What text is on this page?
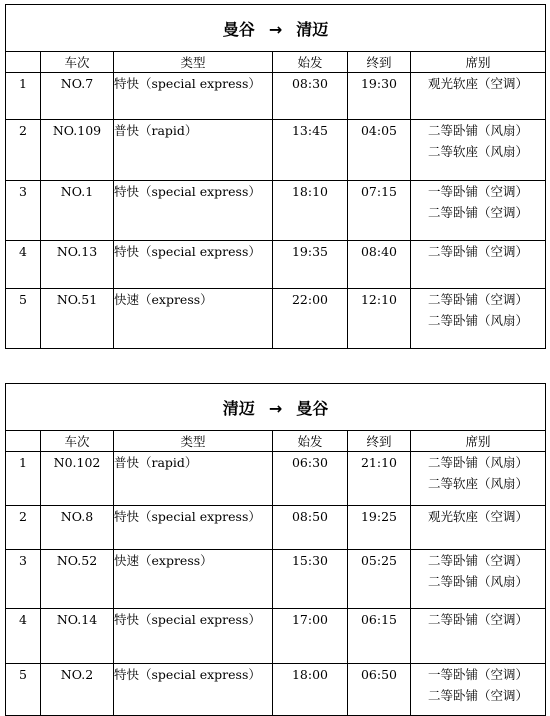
曼谷 → 清迈					
	车次	类型	始发	终到	席别
1	NO.7	特快（special express）	08:30	19:30	观光软座（空调）

2	NO.109	普快（rapid）	13:45	04:05	二等卧铺（风扇）
二等软座（风扇）

3	NO.1	特快（special express）	18:10	07:15	一等卧铺（空调）
二等卧铺（空调）

4	NO.13	特快（special express）	19:35	08:40	二等卧铺（空调）

5	NO.51	快速（express）	22:00	12:10	二等卧铺（空调）
二等卧铺（风扇）
清迈 → 曼谷					
	车次	类型	始发	终到	席别
1	N0.102	普快（rapid）	06:30	21:10	二等卧铺（风扇）
二等软座（风扇）

2	NO.8	特快（special express）	08:50	19:25	观光软座（空调）

3	NO.52	快速（express）	15:30	05:25	二等卧铺（空调）
二等卧铺（风扇）

4	NO.14	特快（special express）	17:00	06:15	二等卧铺（空调）

5	NO.2	特快（special express）	18:00	06:50	一等卧铺（空调）
二等卧铺（空调）
